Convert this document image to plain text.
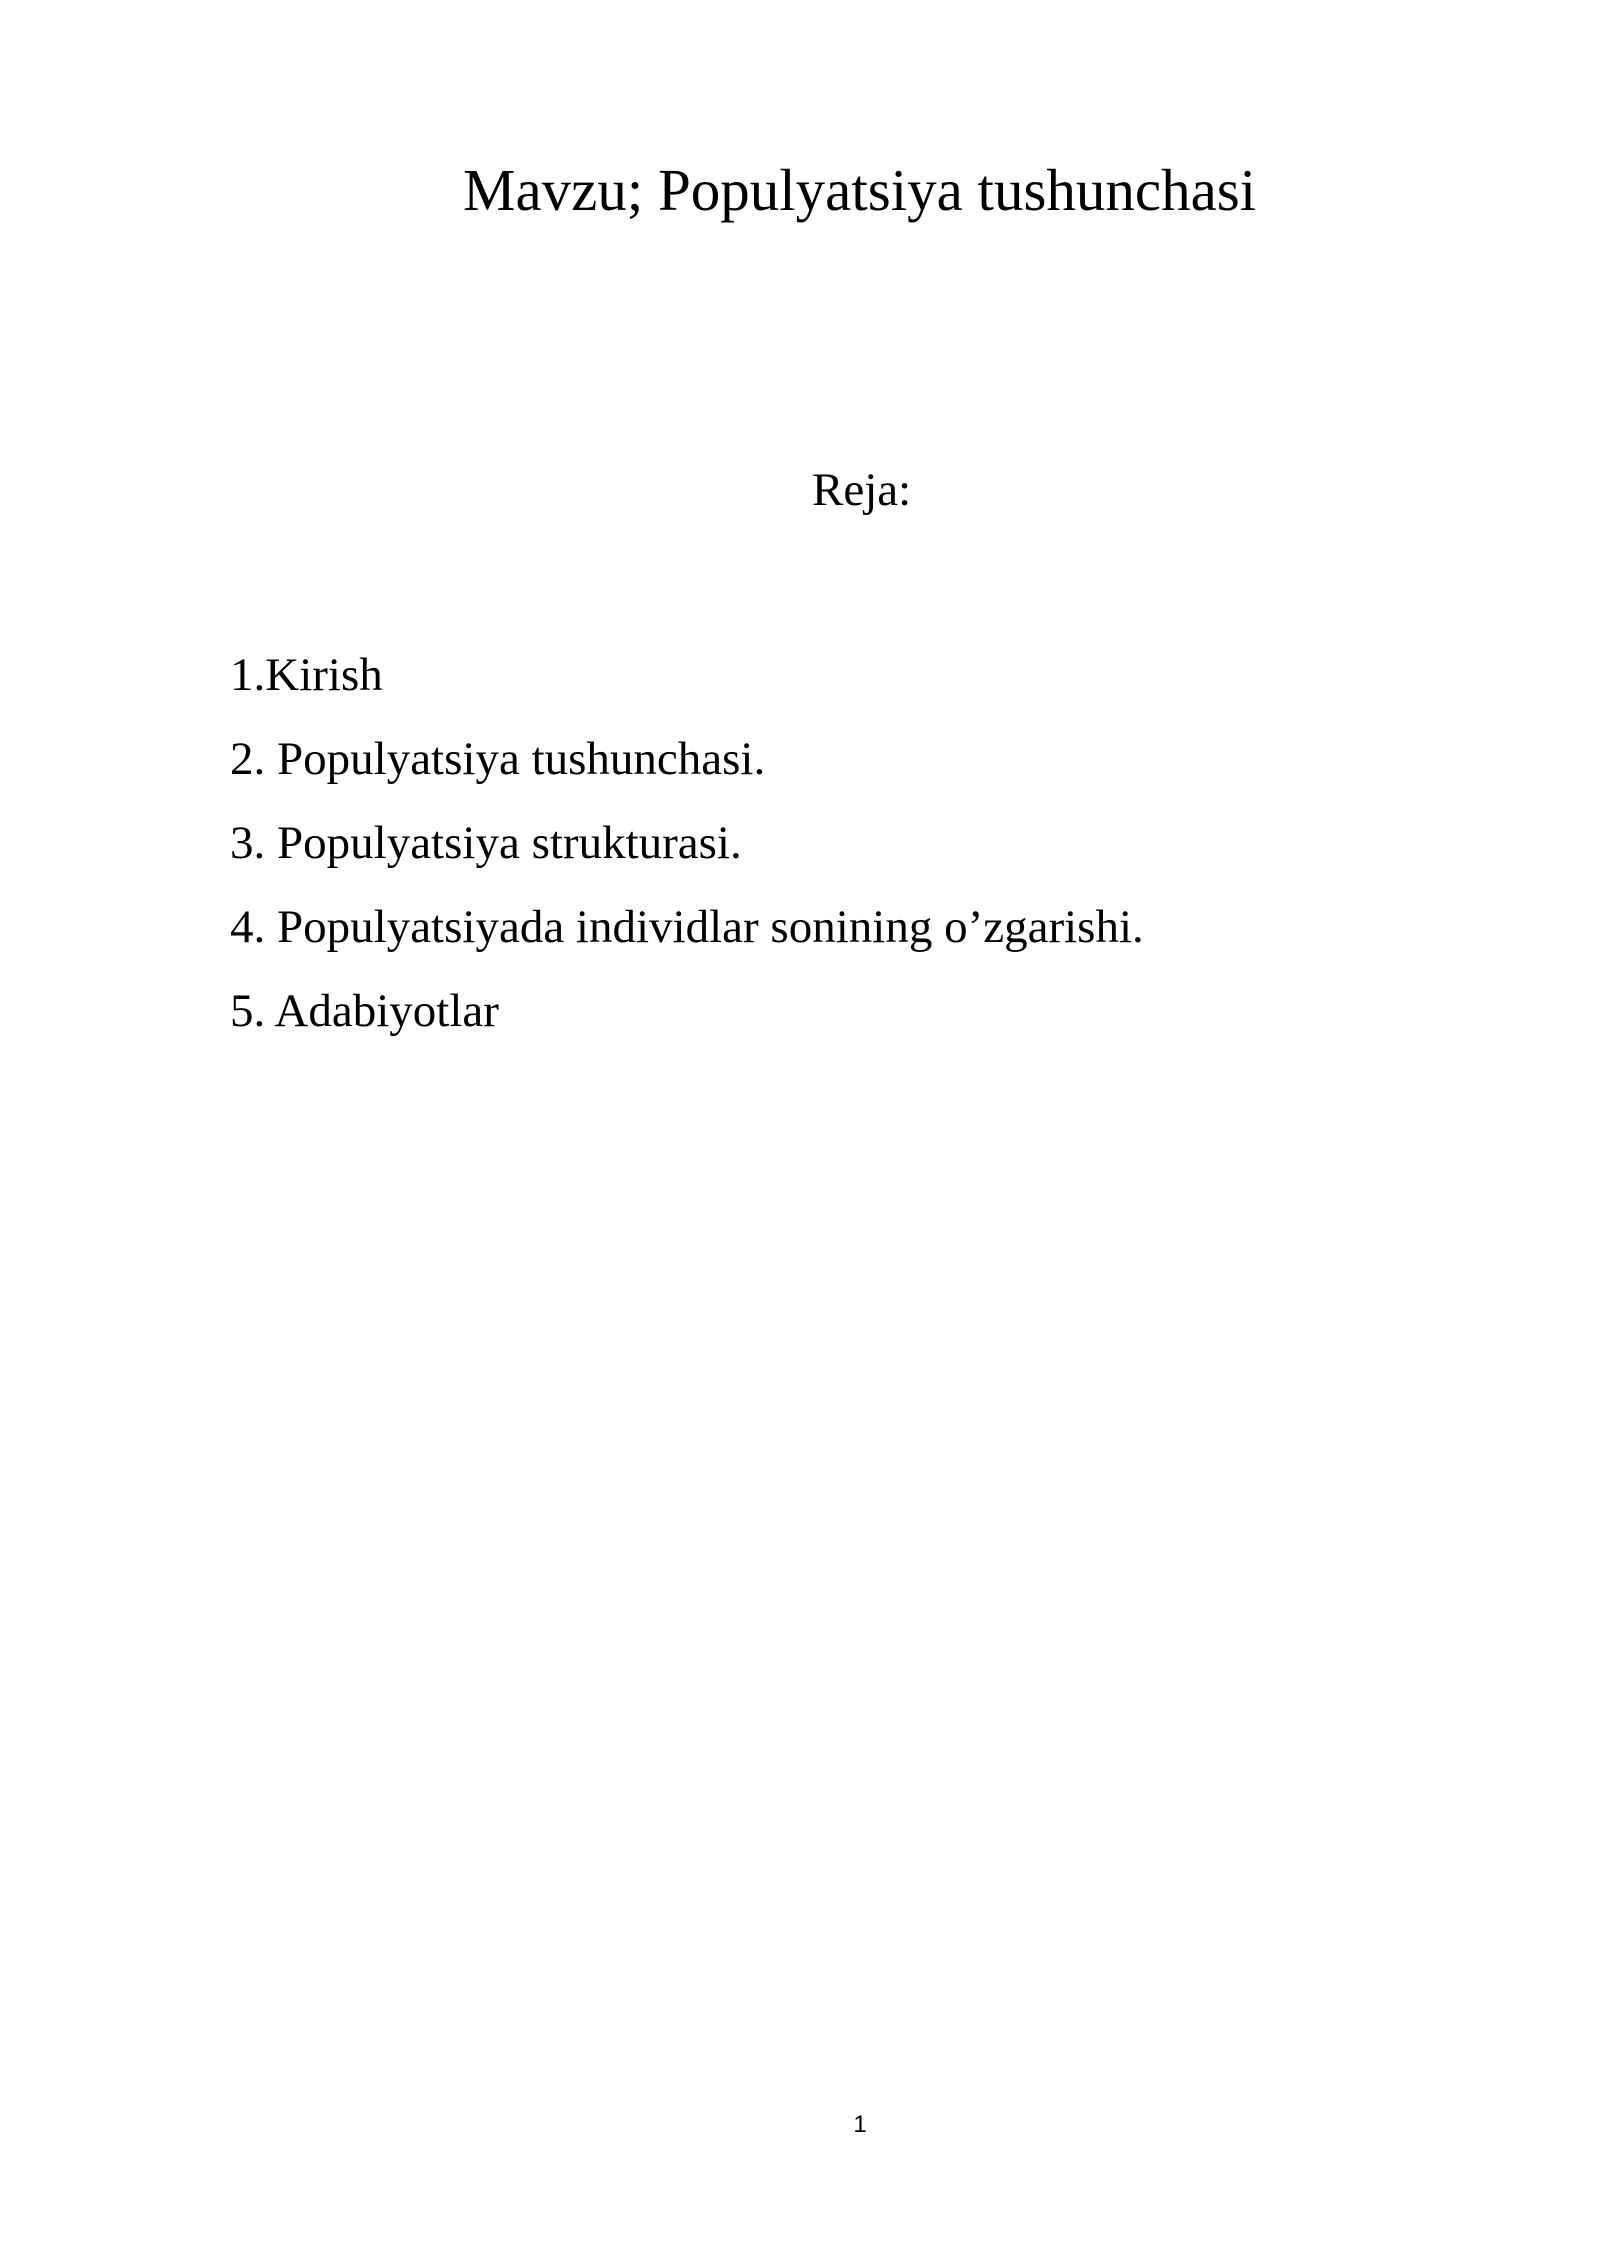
Mavzu; Populyatsiya tushunchasi
Reja:
1.Kirish
2. Populyatsiya tushunchasi.
3. Populyatsiya strukturasi.
4. Populyatsiyada individlar sonining o’zgarishi.
5. Adabiyotlar
1
